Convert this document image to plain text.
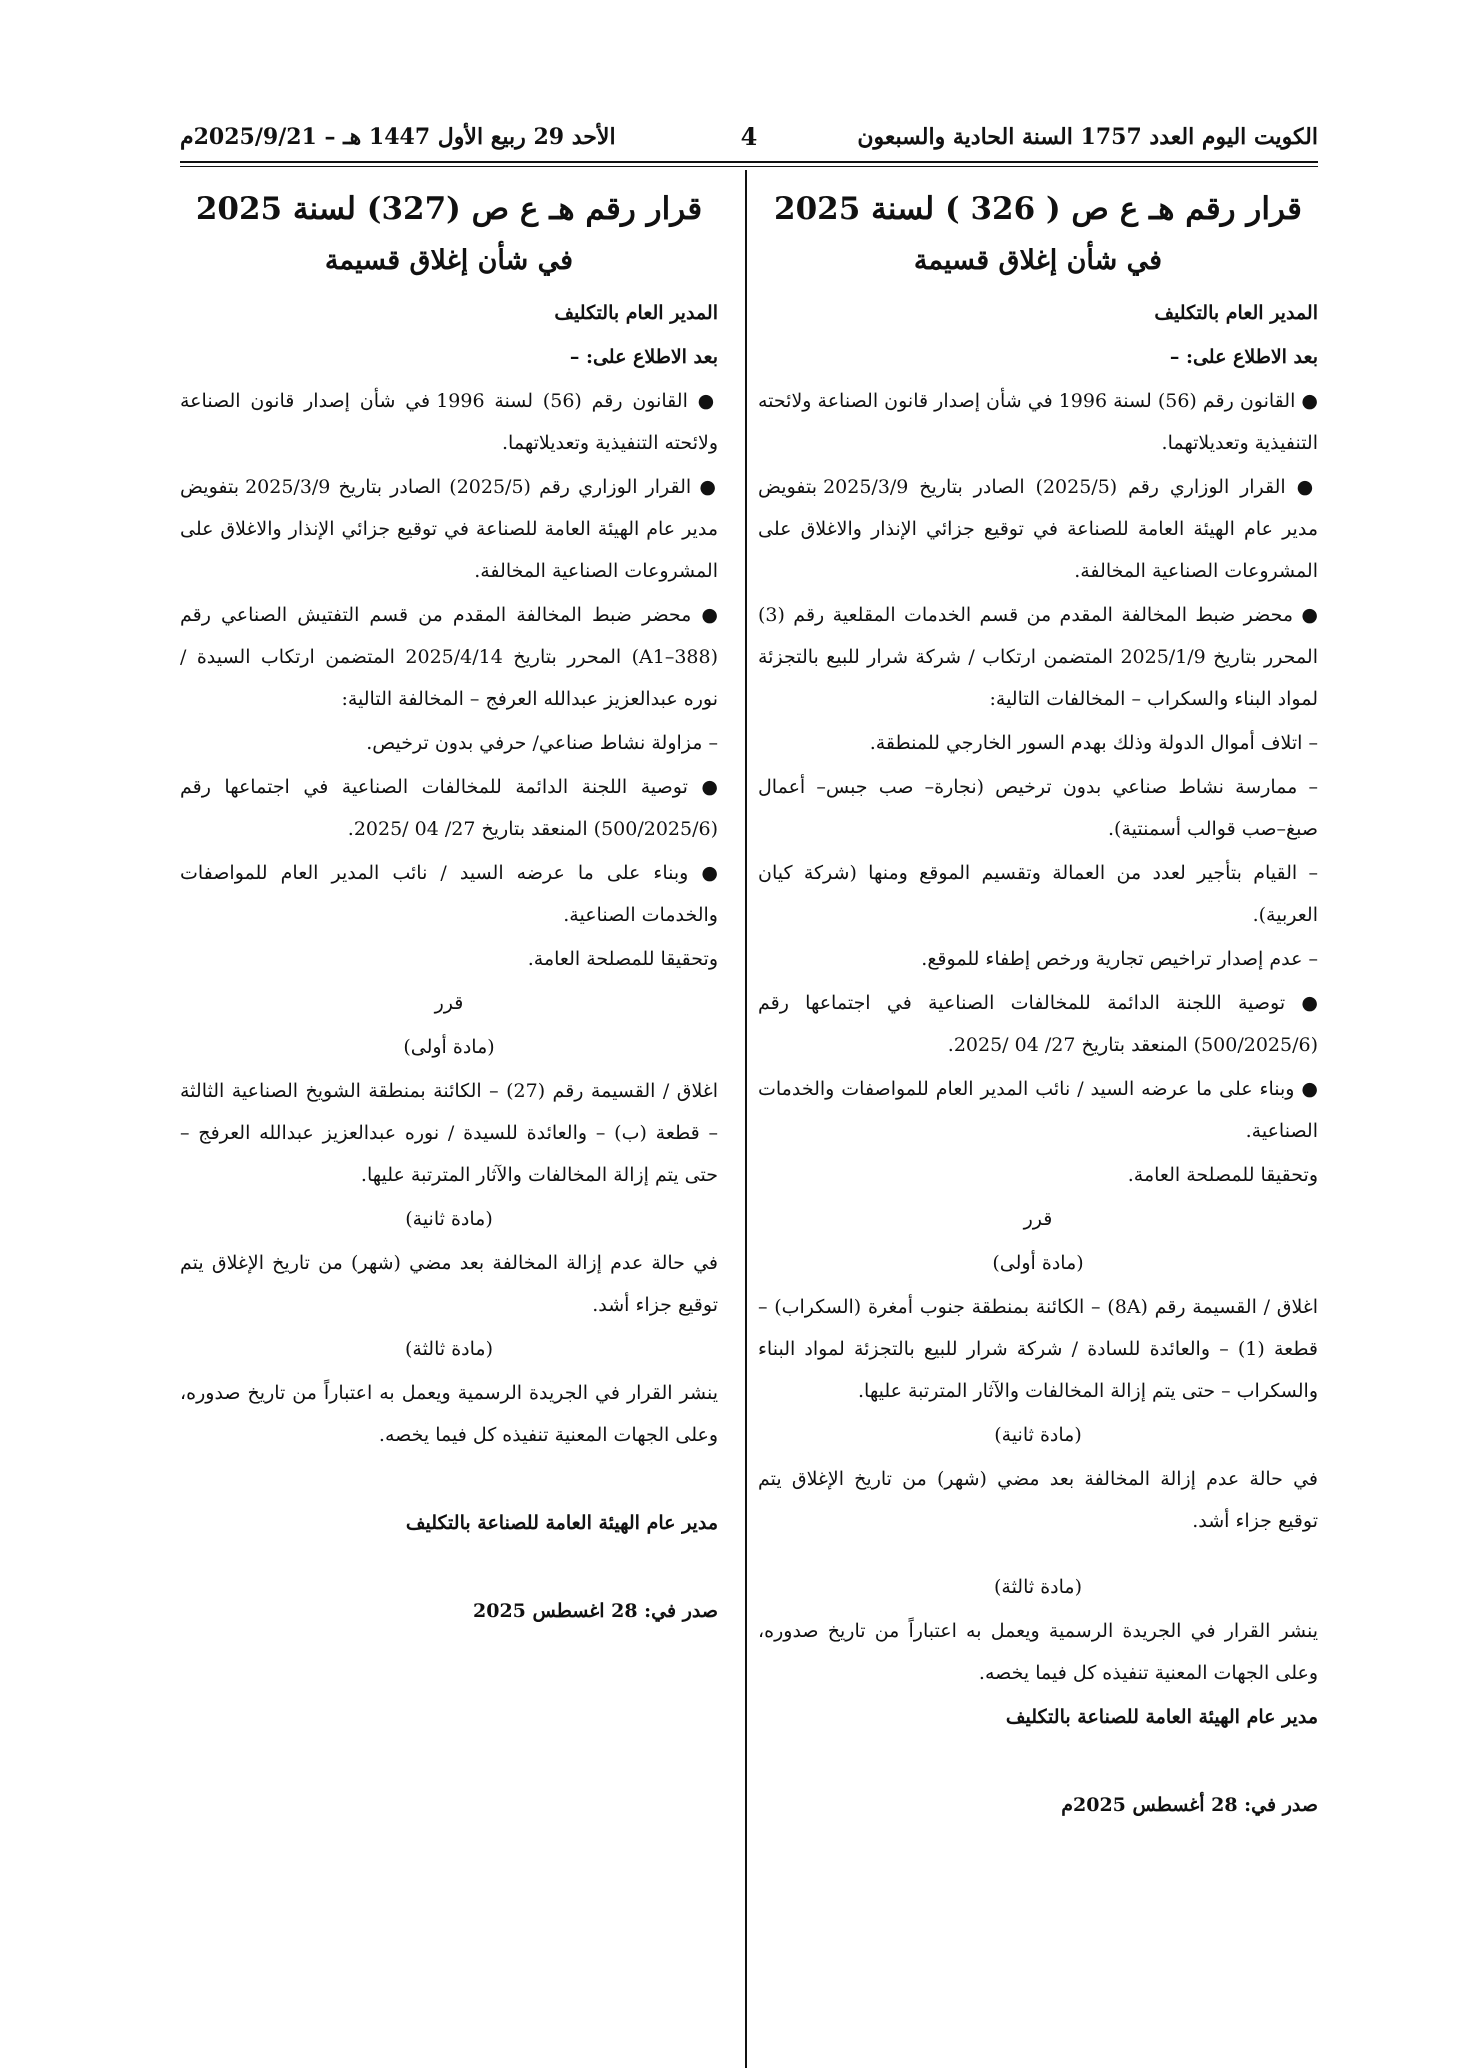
الكويت اليوم العدد 1757 السنة الحادية والسبعون
4
الأحد 29 ربيع الأول 1447 هـ – 2025/9/21م
قرار رقم هـ ع ص ( 326 ) لسنة 2025
في شأن إغلاق قسيمة

المدير العام بالتكليف

بعد الاطلاع على: –

● القانون رقم (56) لسنة 1996 في شأن إصدار قانون الصناعة ولائحته التنفيذية وتعديلاتهما.

● القرار الوزاري رقم (2025/5) الصادر بتاريخ 2025/3/9 بتفويض مدير عام الهيئة العامة للصناعة في توقيع جزائي الإنذار والاغلاق على المشروعات الصناعية المخالفة.

● محضر ضبط المخالفة المقدم من قسم الخدمات المقلعية رقم (3) المحرر بتاريخ 2025/1/9 المتضمن ارتكاب / شركة شرار للبيع بالتجزئة لمواد البناء والسكراب – المخالفات التالية:

– اتلاف أموال الدولة وذلك بهدم السور الخارجي للمنطقة.

– ممارسة نشاط صناعي بدون ترخيص (نجارة– صب جبس– أعمال صبغ–صب قوالب أسمنتية).

– القيام بتأجير لعدد من العمالة وتقسيم الموقع ومنها (شركة كيان العربية).

– عدم إصدار تراخيص تجارية ورخص إطفاء للموقع.

● توصية اللجنة الدائمة للمخالفات الصناعية في اجتماعها رقم (500/2025/6) المنعقد بتاريخ 27/ 04 /2025.

● وبناء على ما عرضه السيد / نائب المدير العام للمواصفات والخدمات الصناعية.

وتحقيقا للمصلحة العامة.

قرر

(مادة أولى)

اغلاق / القسيمة رقم (8A) – الكائنة بمنطقة جنوب أمغرة (السكراب) – قطعة (1) – والعائدة للسادة / شركة شرار للبيع بالتجزئة لمواد البناء والسكراب – حتى يتم إزالة المخالفات والآثار المترتبة عليها.

(مادة ثانية)

في حالة عدم إزالة المخالفة بعد مضي (شهر) من تاريخ الإغلاق يتم توقيع جزاء أشد.

(مادة ثالثة)

ينشر القرار في الجريدة الرسمية ويعمل به اعتباراً من تاريخ صدوره، وعلى الجهات المعنية تنفيذه كل فيما يخصه.

مدير عام الهيئة العامة للصناعة بالتكليف

صدر في: 28 أغسطس 2025م

قرار رقم هـ ع ص (327) لسنة 2025
في شأن إغلاق قسيمة

المدير العام بالتكليف

بعد الاطلاع على: –

● القانون رقم (56) لسنة 1996 في شأن إصدار قانون الصناعة ولائحته التنفيذية وتعديلاتهما.

● القرار الوزاري رقم (2025/5) الصادر بتاريخ 2025/3/9 بتفويض مدير عام الهيئة العامة للصناعة في توقيع جزائي الإنذار والاغلاق على المشروعات الصناعية المخالفة.

● محضر ضبط المخالفة المقدم من قسم التفتيش الصناعي رقم (A1–388) المحرر بتاريخ 2025/4/14 المتضمن ارتكاب السيدة / نوره عبدالعزيز عبدالله العرفج – المخالفة التالية:

– مزاولة نشاط صناعي/ حرفي بدون ترخيص.

● توصية اللجنة الدائمة للمخالفات الصناعية في اجتماعها رقم (500/2025/6) المنعقد بتاريخ 27/ 04 /2025.

● وبناء على ما عرضه السيد / نائب المدير العام للمواصفات والخدمات الصناعية.

وتحقيقا للمصلحة العامة.

قرر

(مادة أولى)

اغلاق / القسيمة رقم (27) – الكائنة بمنطقة الشويخ الصناعية الثالثة – قطعة (ب) – والعائدة للسيدة / نوره عبدالعزيز عبدالله العرفج – حتى يتم إزالة المخالفات والآثار المترتبة عليها.

(مادة ثانية)

في حالة عدم إزالة المخالفة بعد مضي (شهر) من تاريخ الإغلاق يتم توقيع جزاء أشد.

(مادة ثالثة)

ينشر القرار في الجريدة الرسمية ويعمل به اعتباراً من تاريخ صدوره، وعلى الجهات المعنية تنفيذه كل فيما يخصه.

مدير عام الهيئة العامة للصناعة بالتكليف

صدر في: 28 اغسطس 2025
